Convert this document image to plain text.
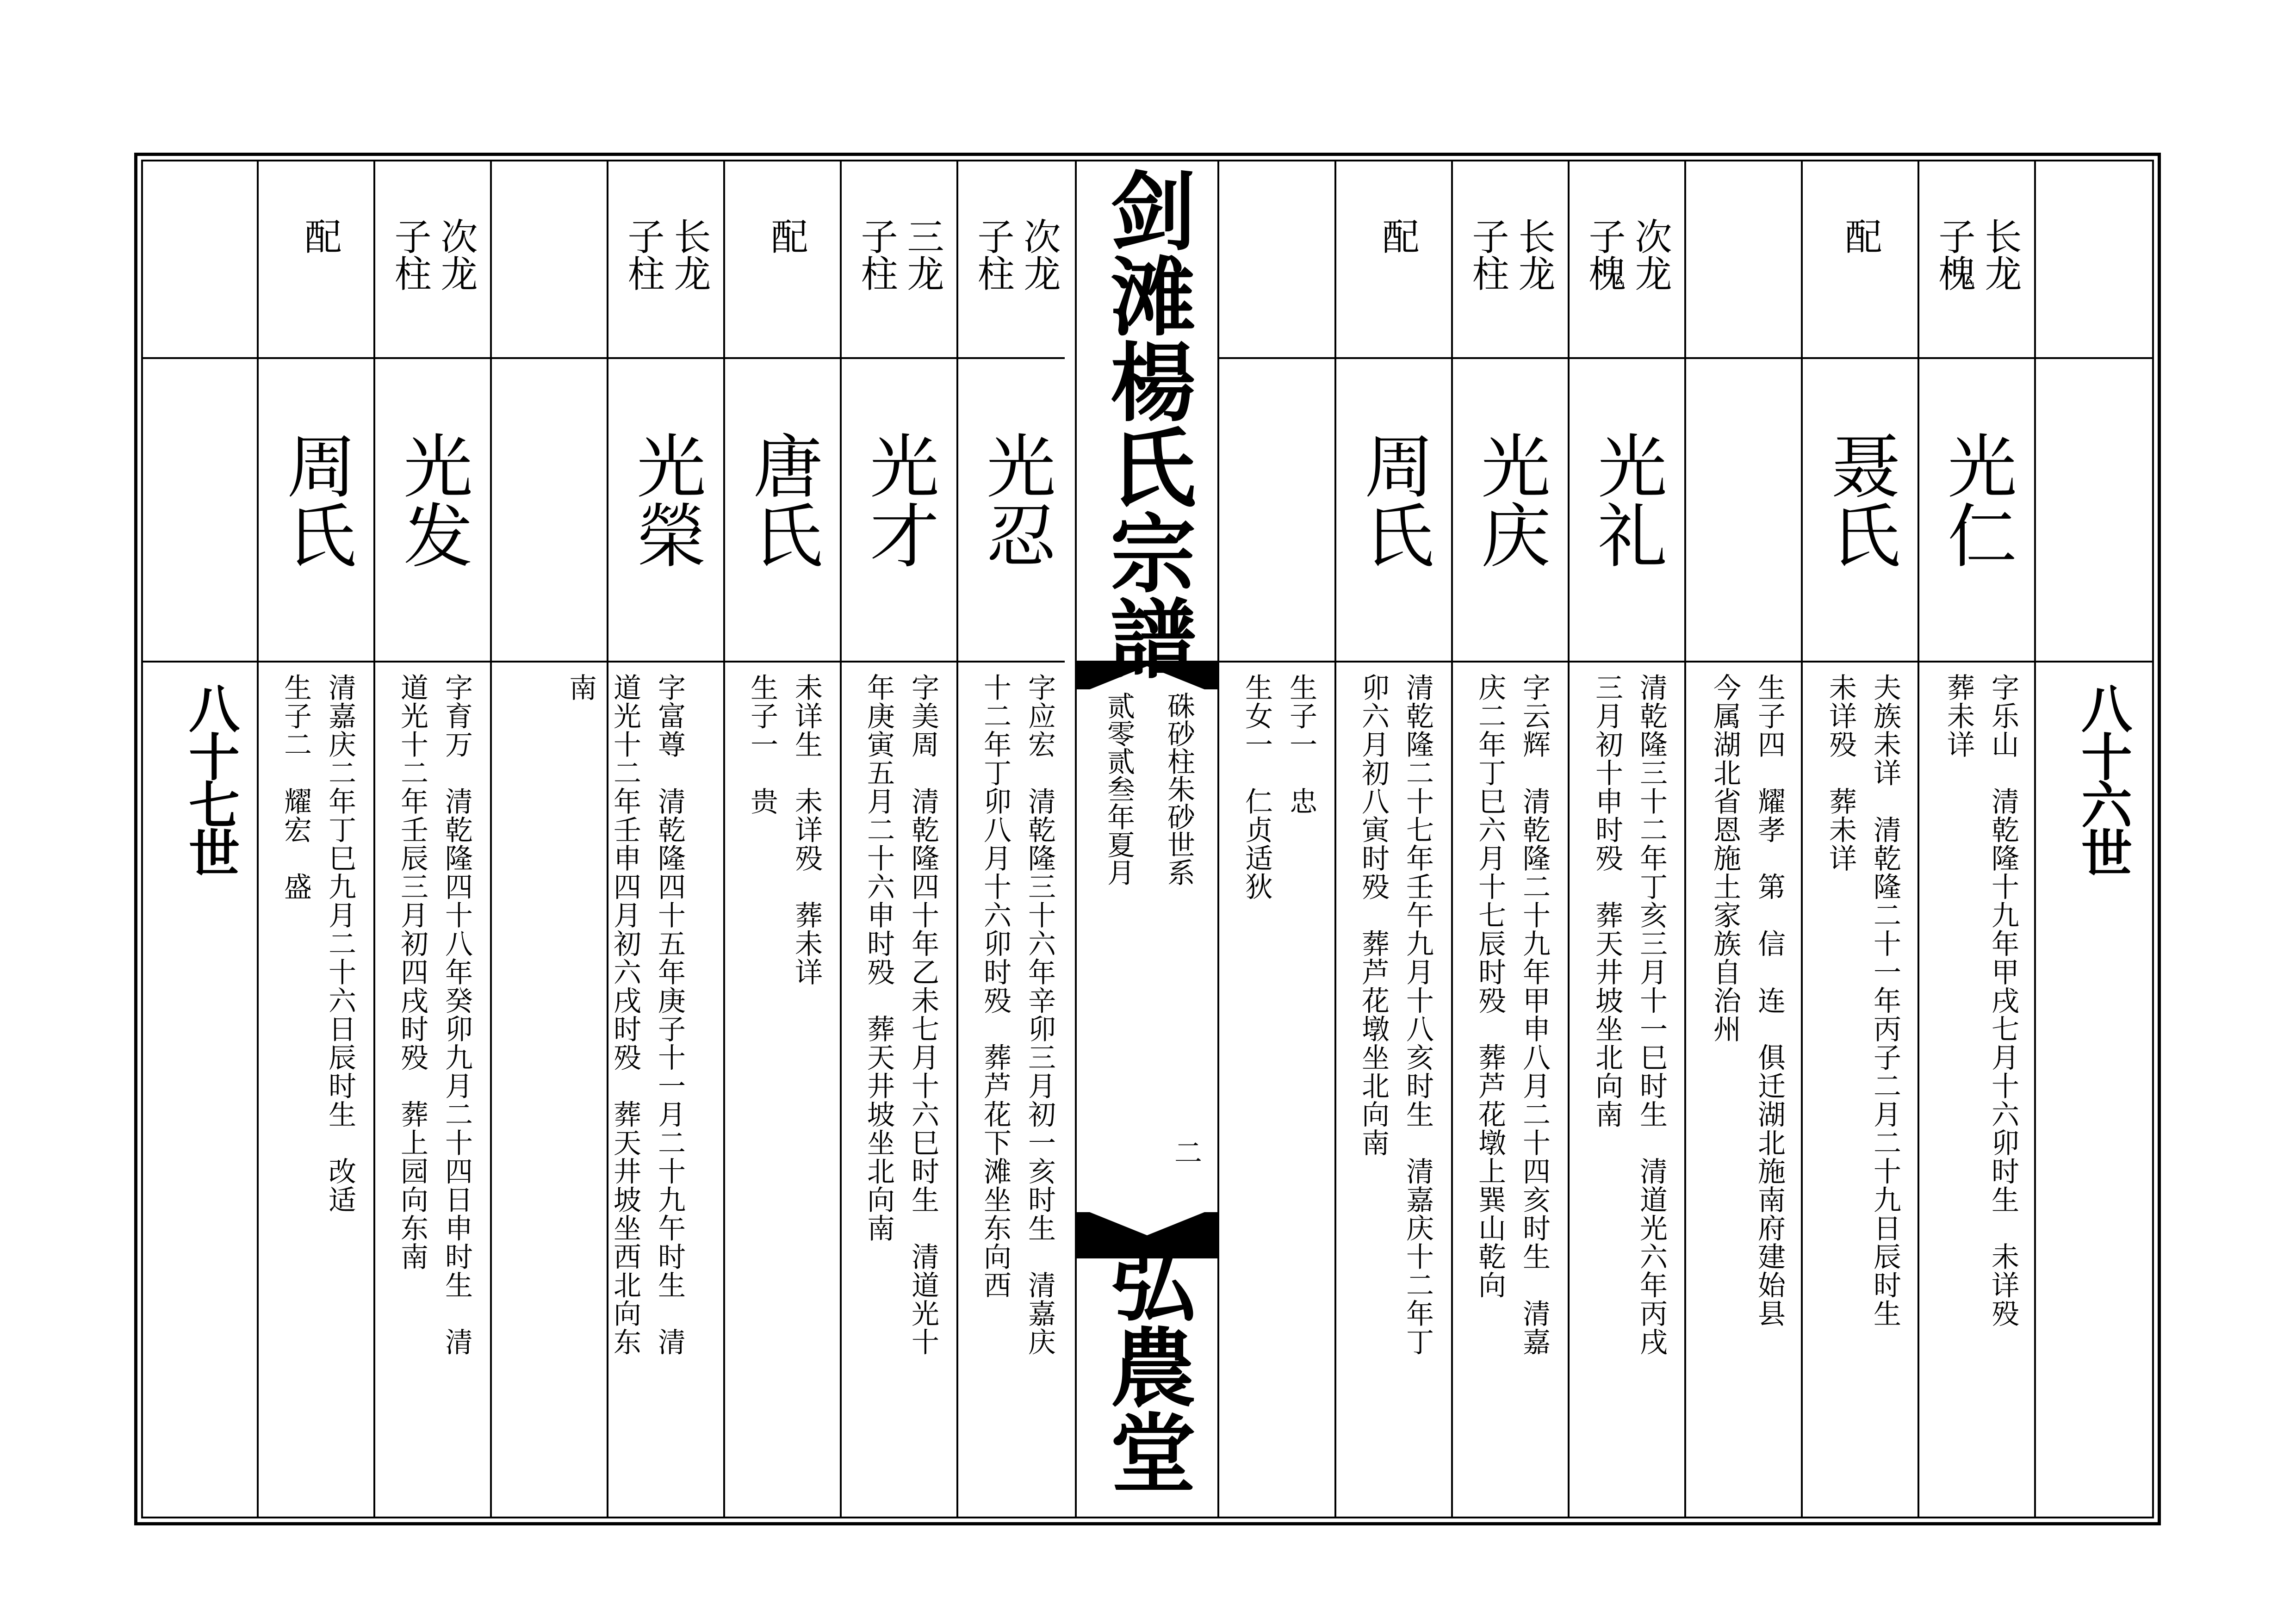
剑滩楊氏宗譜
弘農堂
硃砂柱朱砂世系
贰零贰叁年夏月
二
八十六世
八十七世
长龙
子槐
光仁
字乐山　清乾隆十九年甲戌七月十六卯时生　未详殁
葬未详
配
聂氏
夫族未详　清乾隆二十一年丙子二月二十九日辰时生
未详殁　葬未详
生子四　耀孝　第　信　连　俱迁湖北施南府建始县
今属湖北省恩施土家族自治州
次龙
子槐
光礼
清乾隆三十二年丁亥三月十一巳时生　清道光六年丙戌
三月初十申时殁　葬天井坡坐北向南
长龙
子柱
光庆
字云辉　清乾隆二十九年甲申八月二十四亥时生　清嘉
庆二年丁巳六月十七辰时殁　葬芦花墩上巽山乾向
配
周氏
清乾隆二十七年壬午九月十八亥时生　清嘉庆十二年丁
卯六月初八寅时殁　葬芦花墩坐北向南
生子一　忠
生女一　仁贞适狄
次龙
子柱
光忍
字应宏　清乾隆三十六年辛卯三月初一亥时生　清嘉庆
十二年丁卯八月十六卯时殁　葬芦花下滩坐东向西
三龙
子柱
光才
字美周　清乾隆四十年乙未七月十六巳时生　清道光十
年庚寅五月二十六申时殁　葬天井坡坐北向南
配
唐氏
未详生　未详殁　葬未详
生子一　贵
长龙
子柱
光榮
字富尊　清乾隆四十五年庚子十一月二十九午时生　清
道光十二年壬申四月初六戌时殁　葬天井坡坐西北向东
南
次龙
子柱
光发
字育万　清乾隆四十八年癸卯九月二十四日申时生　清
道光十二年壬辰三月初四戌时殁　葬上园向东南
配
周氏
清嘉庆二年丁巳九月二十六日辰时生　改适
生子二　耀宏　盛
